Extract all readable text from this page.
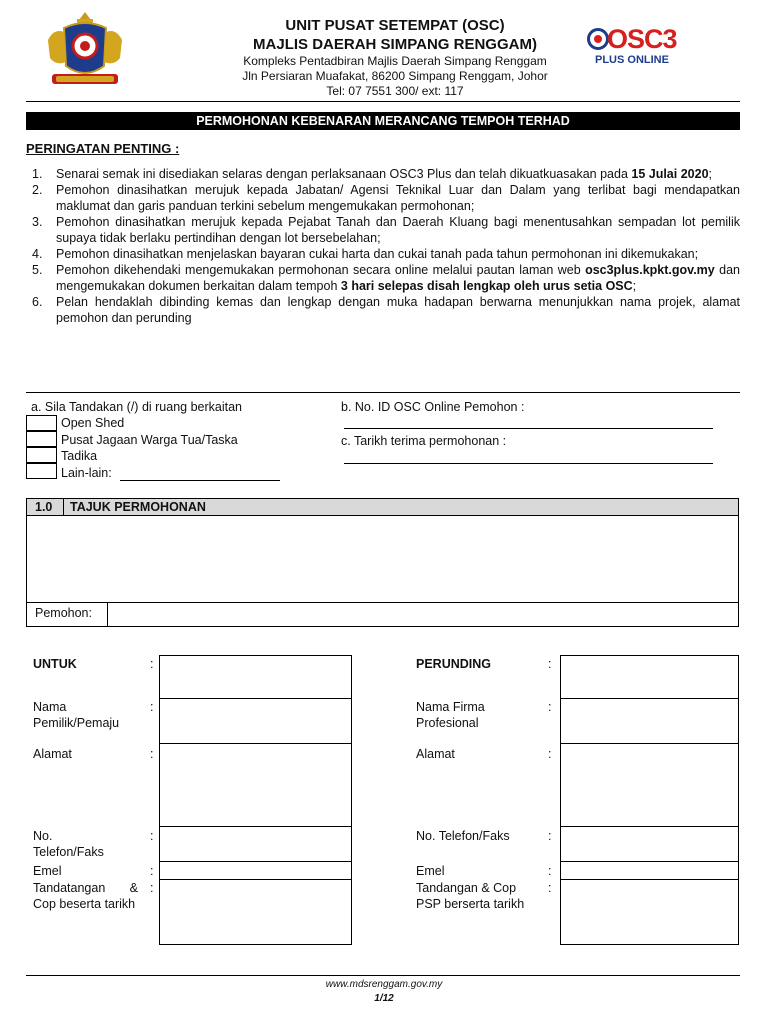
UNIT PUSAT SETEMPAT (OSC)
MAJLIS DAERAH SIMPANG RENGGAM)
Kompleks Pentadbiran Majlis Daerah Simpang Renggam
Jln Persiaran Muafakat, 86200 Simpang Renggam, Johor
Tel: 07 7551 300/ ext: 117
OSC3
PLUS ONLINE
PERMOHONAN KEBENARAN MERANCANG TEMPOH TERHAD
PERINGATAN PENTING :
1. Senarai semak ini disediakan selaras dengan perlaksanaan OSC3 Plus dan telah dikuatkuasakan pada 15 Julai 2020;
2. Pemohon dinasihatkan merujuk kepada Jabatan/ Agensi Teknikal Luar dan Dalam yang terlibat bagi mendapatkan maklumat dan garis panduan terkini sebelum mengemukakan permohonan;
3. Pemohon dinasihatkan merujuk kepada Pejabat Tanah dan Daerah Kluang bagi menentusahkan sempadan lot pemilik supaya tidak berlaku pertindihan dengan lot bersebelahan;
4. Pemohon dinasihatkan menjelaskan bayaran cukai harta dan cukai tanah pada tahun permohonan ini dikemukakan;
5. Pemohon dikehendaki mengemukakan permohonan secara online melalui pautan laman web osc3plus.kpkt.gov.my dan mengemukakan dokumen berkaitan dalam tempoh 3 hari selepas disah lengkap oleh urus setia OSC;
6. Pelan hendaklah dibinding kemas dan lengkap dengan muka hadapan berwarna menunjukkan nama projek, alamat pemohon dan perunding
a. Sila Tandakan (/) di ruang berkaitan
Open Shed
Pusat Jagaan Warga Tua/Taska
Tadika
Lain-lain:
b. No. ID OSC Online Pemohon :
c. Tarikh terima permohonan :
1.0 TAJUK PERMOHONAN
Pemohon:
UNTUK	:
Nama Pemilik/Pemaju
:
Alamat	:
No. Telefon/Faks
:
Emel	:
Tandatangan & Cop beserta tarikh
:
PERUNDING	:
Nama Firma Profesional
:
Alamat	:
No. Telefon/Faks	:
Emel	:
Tandangan & Cop PSP berserta tarikh
:
www.mdsrenggam.gov.my
1/12
